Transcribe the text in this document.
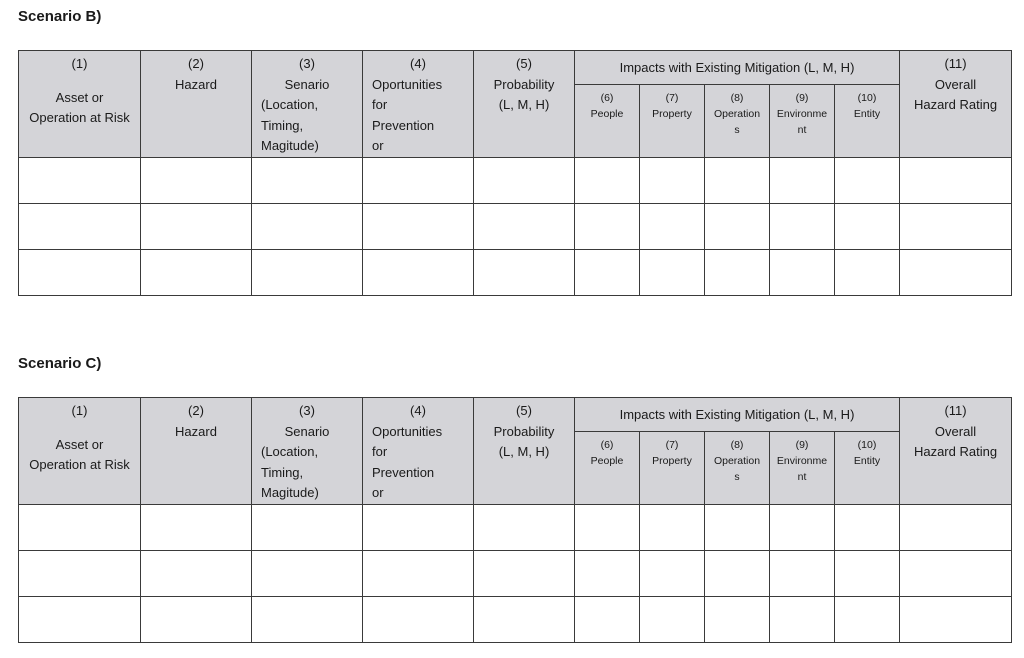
Scenario B)
(1)
Asset or
Operation at Risk	(2)
Hazard	(3)
Senario
(Location,
Timing,
Magitude)	(4)
Oportunities
for
Prevention
or	(5)
Probability
(L, M, H)	Impacts with Existing Mitigation (L, M, H)					(11)
Overall
Hazard Rating

					(6)
People	(7)
Property	(8)
Operation
s	(9)
Environme
nt	(10)
Entity	

Scenario C)
(1)
Asset or
Operation at Risk	(2)
Hazard	(3)
Senario
(Location,
Timing,
Magitude)	(4)
Oportunities
for
Prevention
or	(5)
Probability
(L, M, H)	Impacts with Existing Mitigation (L, M, H)					(11)
Overall
Hazard Rating

					(6)
People	(7)
Property	(8)
Operation
s	(9)
Environme
nt	(10)
Entity	
